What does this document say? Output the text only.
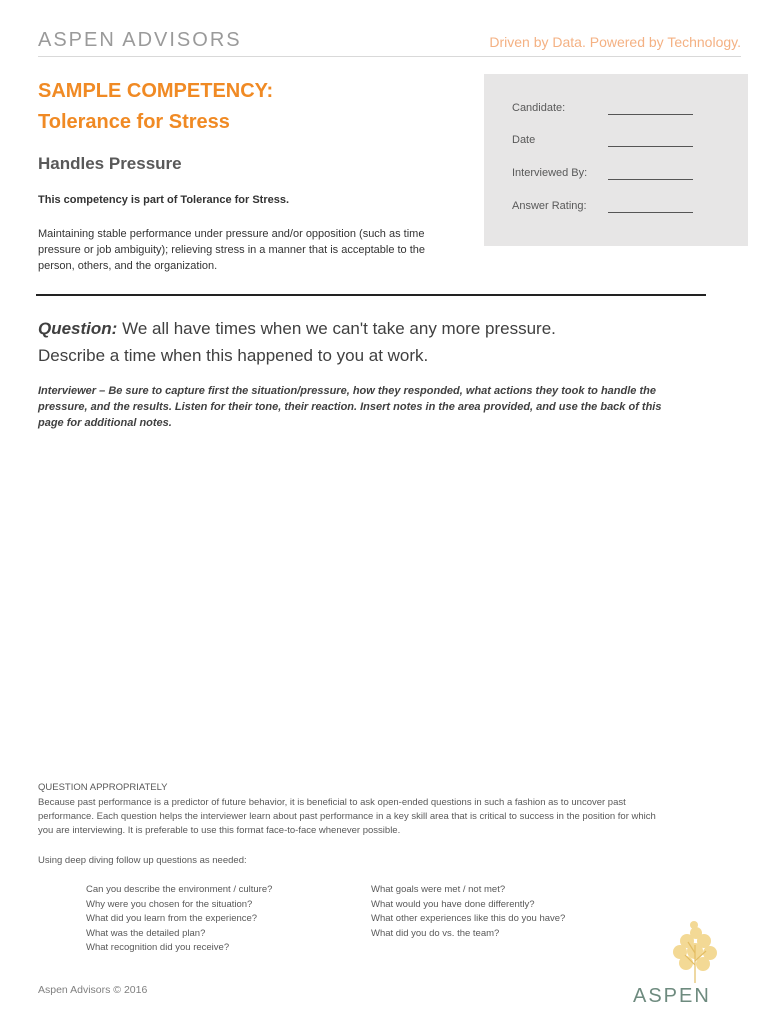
ASPEN ADVISORS	Driven by Data. Powered by Technology.
SAMPLE COMPETENCY:
Tolerance for Stress
Handles Pressure
This competency is part of Tolerance for Stress.
Maintaining stable performance under pressure and/or opposition (such as time
pressure or job ambiguity); relieving stress in a manner that is acceptable to the
person, others, and the organization.
Candidate:
Date
Interviewed By:
Answer Rating:
Question: We all have times when we can't take any more pressure.
Describe a time when this happened to you at work.
Interviewer – Be sure to capture first the situation/pressure, how they responded, what actions they took to handle the
pressure, and the results. Listen for their tone, their reaction. Insert notes in the area provided, and use the back of this
page for additional notes.
QUESTION APPROPRIATELY
Because past performance is a predictor of future behavior, it is beneficial to ask open-ended questions in such a fashion as to uncover past
performance. Each question helps the interviewer learn about past performance in a key skill area that is critical to success in the position for which
you are interviewing. It is preferable to use this format face-to-face whenever possible.
Using deep diving follow up questions as needed:
Can you describe the environment / culture?
Why were you chosen for the situation?
What did you learn from the experience?
What was the detailed plan?
What recognition did you receive?
What goals were met / not met?
What would you have done differently?
What other experiences like this do you have?
What did you do vs. the team?
Aspen Advisors © 2016	ASPEN
